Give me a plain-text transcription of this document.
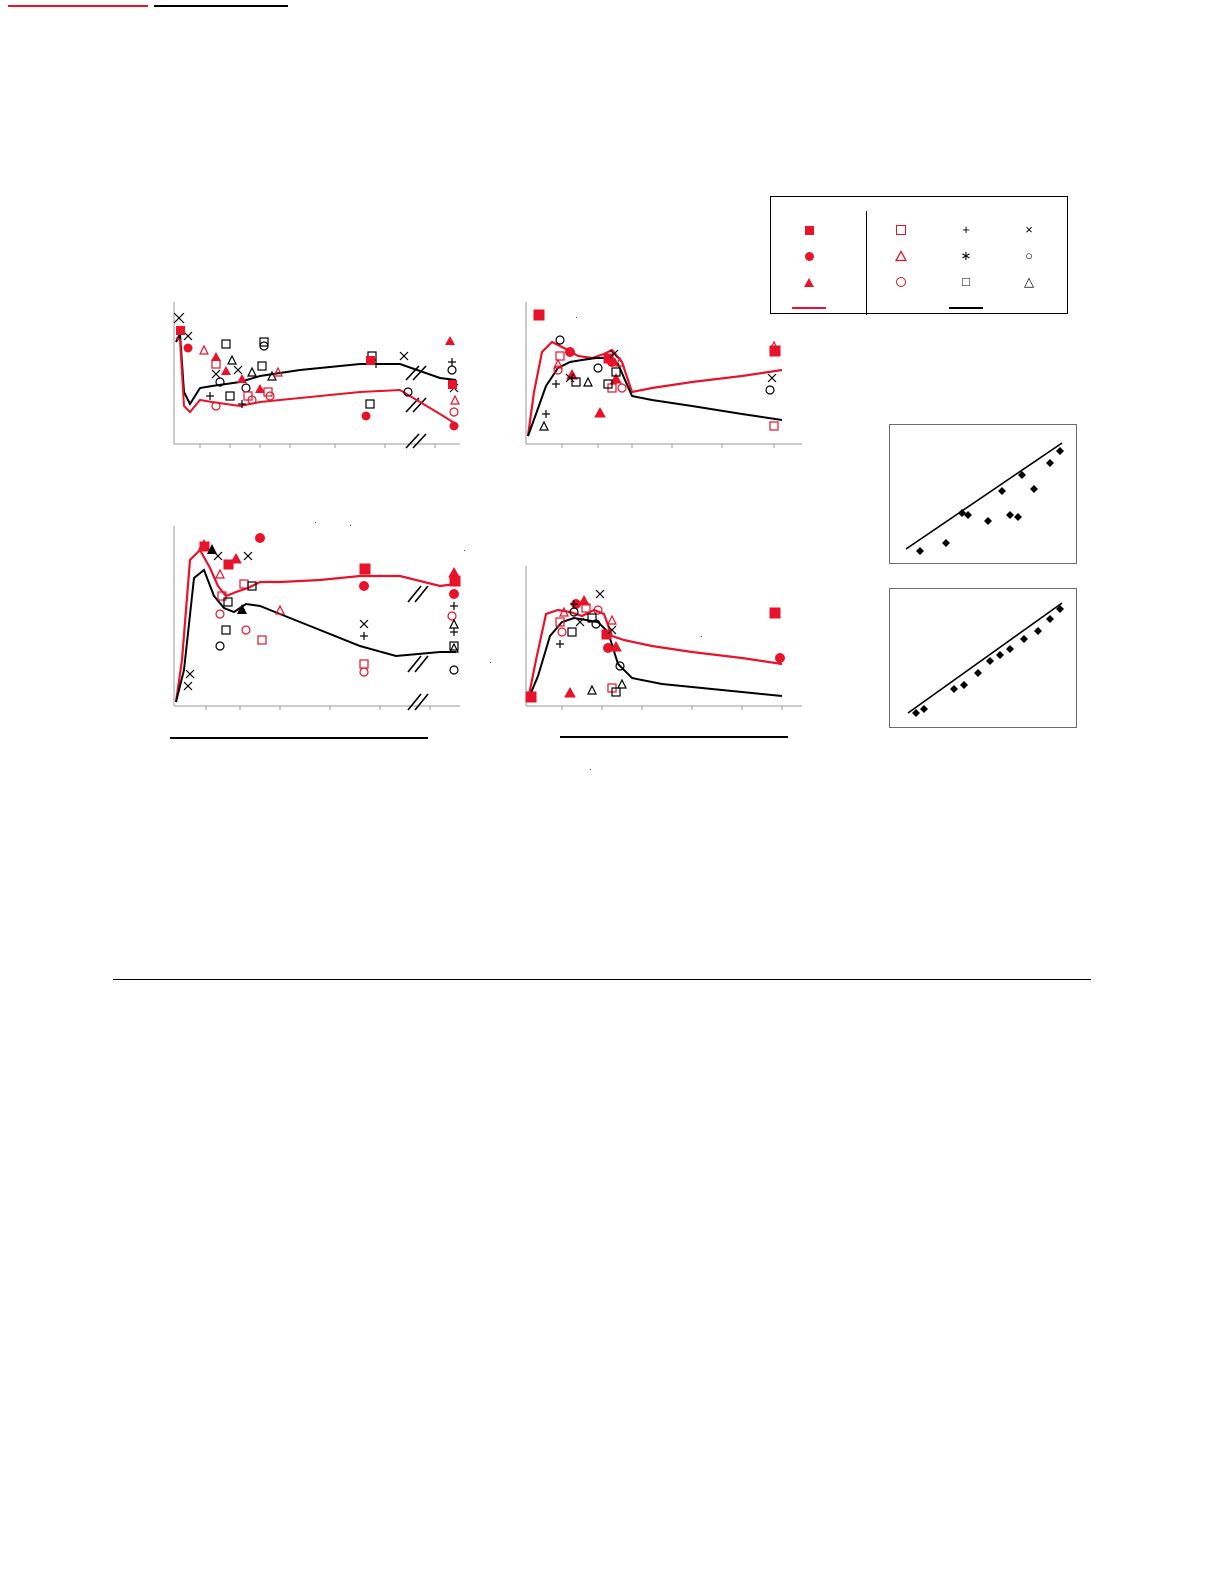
+
∗
□
×
○
△
·
·
·	·
·
·
·
